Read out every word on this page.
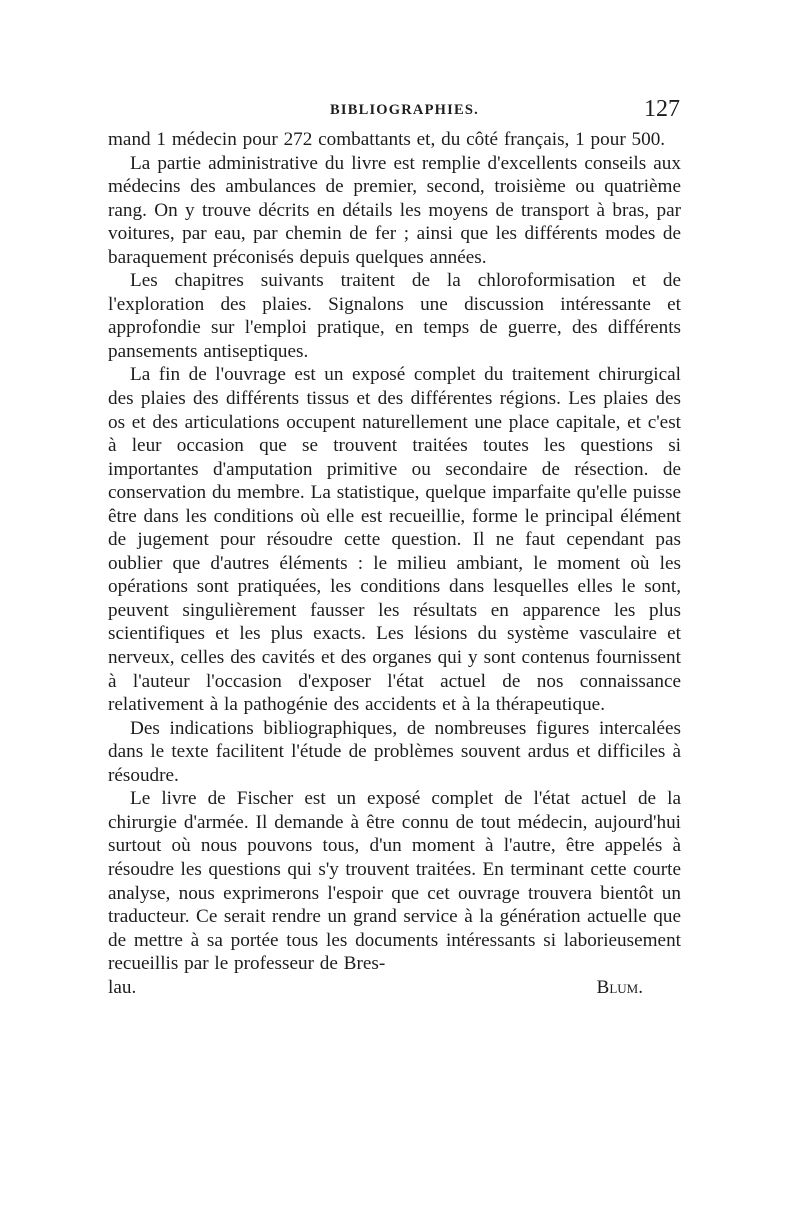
BIBLIOGRAPHIES.	127

mand 1 médecin pour 272 combattants et, du côté français, 1 pour 500.

La partie administrative du livre est remplie d'excellents conseils aux médecins des ambulances de premier, second, troisième ou quatrième rang. On y trouve décrits en détails les moyens de transport à bras, par voitures, par eau, par chemin de fer ; ainsi que les différents modes de baraquement préconisés depuis quelques années.

Les chapitres suivants traitent de la chloroformisation et de l'exploration des plaies. Signalons une discussion intéressante et approfondie sur l'emploi pratique, en temps de guerre, des différents pansements antiseptiques.

La fin de l'ouvrage est un exposé complet du traitement chirurgical des plaies des différents tissus et des différentes régions. Les plaies des os et des articulations occupent naturellement une place capitale, et c'est à leur occasion que se trouvent traitées toutes les questions si importantes d'amputation primitive ou secondaire de résection. de conservation du membre. La statistique, quelque imparfaite qu'elle puisse être dans les conditions où elle est recueillie, forme le principal élément de jugement pour résoudre cette question. Il ne faut cependant pas oublier que d'autres éléments : le milieu ambiant, le moment où les opérations sont pratiquées, les conditions dans lesquelles elles le sont, peuvent singulièrement fausser les résultats en apparence les plus scientifiques et les plus exacts. Les lésions du système vasculaire et nerveux, celles des cavités et des organes qui y sont contenus fournissent à l'auteur l'occasion d'exposer l'état actuel de nos connaissance relativement à la pathogénie des accidents et à la thérapeutique.

Des indications bibliographiques, de nombreuses figures intercalées dans le texte facilitent l'étude de problèmes souvent ardus et difficiles à résoudre.

Le livre de Fischer est un exposé complet de l'état actuel de la chirurgie d'armée. Il demande à être connu de tout médecin, aujourd'hui surtout où nous pouvons tous, d'un moment à l'autre, être appelés à résoudre les questions qui s'y trouvent traitées. En terminant cette courte analyse, nous exprimerons l'espoir que cet ouvrage trouvera bientôt un traducteur. Ce serait rendre un grand service à la génération actuelle que de mettre à sa portée tous les documents intéressants si laborieusement recueillis par le professeur de Bres-

lau.	Blum.
